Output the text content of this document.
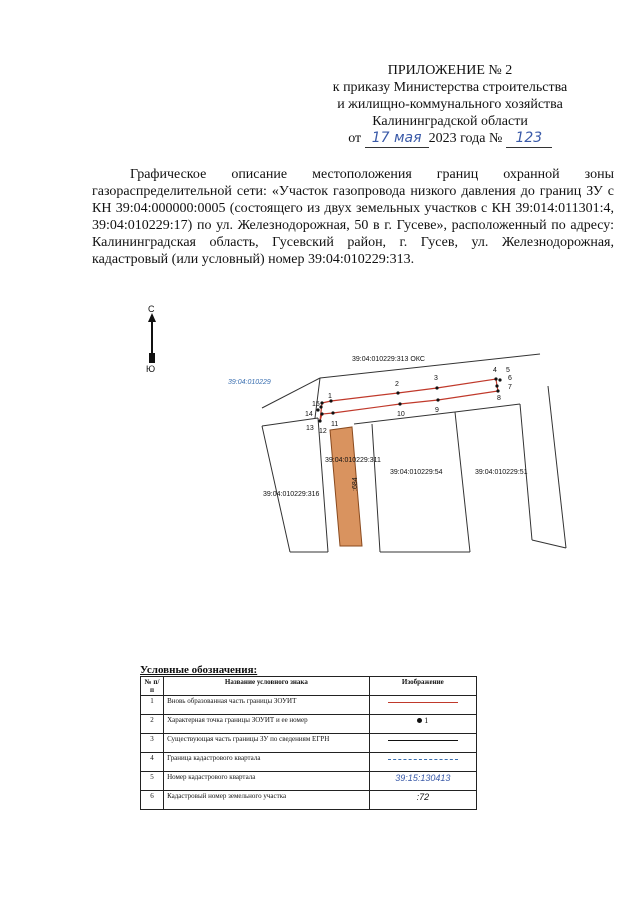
ПРИЛОЖЕНИЕ № 2
к приказу Министерства строительства
и жилищно-коммунального хозяйства
Калининградской области
от 17 мая 2023 года № 123
Графическое описание местоположения границ охранной зоны газораспределительной сети: «Участок газопровода низкого давления до границ ЗУ с КН 39:04:000000:0005 (состоящего из двух земельных участков с КН 39:014:011301:4, 39:04:010229:17) по ул. Железнодорожная, 50 в г. Гусеве», расположенный по адресу: Калининградская область, Гусевский район, г. Гусев, ул. Железнодорожная, кадастровый (или условный) номер 39:04:010229:313.
С
Ю
1
2
3
4 5
6
7
8
9
10
11
12
13
14
15
39:04:010229
39:04:010229:313 ОКС
39:04:010229:311
39:04:010229:54	39:04:010229:51
39:04:010229:316
:684
Условные обозначения:
№ п/п	Название условного знака	Изображение
1	Вновь образованная часть границы ЗОУИТ	
2	Характерная точка границы ЗОУИТ и ее номер	1
3	Существующая часть границы ЗУ по сведениям ЕГРН	
4	Граница кадастрового квартала	
5	Номер кадастрового квартала	39:15:130413
6	Кадастровый номер земельного участка	:72
